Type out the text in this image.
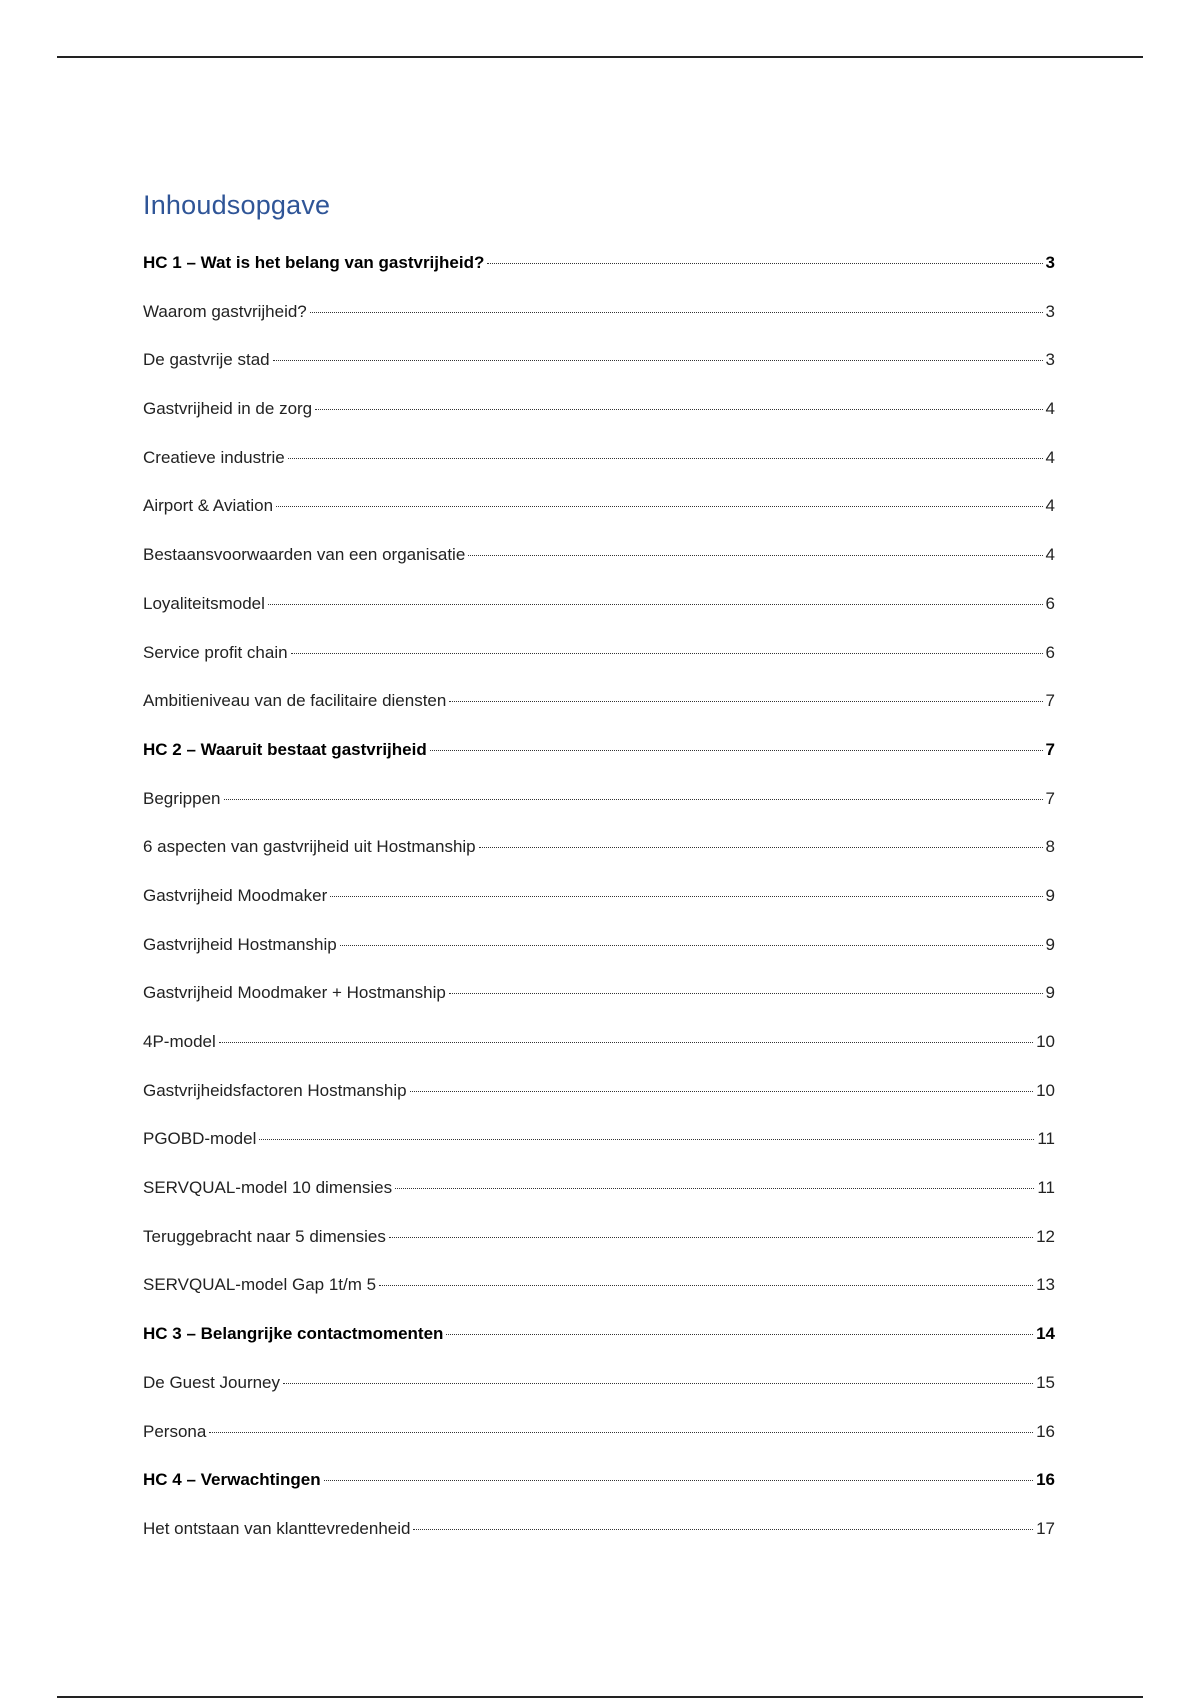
Inhoudsopgave
HC 1 – Wat is het belang van gastvrijheid?	3
Waarom gastvrijheid?	3
De gastvrije stad	3
Gastvrijheid in de zorg	4
Creatieve industrie	4
Airport & Aviation	4
Bestaansvoorwaarden van een organisatie	4
Loyaliteitsmodel	6
Service profit chain	6
Ambitieniveau van de facilitaire diensten	7
HC 2 – Waaruit bestaat gastvrijheid	7
Begrippen	7
6 aspecten van gastvrijheid uit Hostmanship	8
Gastvrijheid Moodmaker	9
Gastvrijheid Hostmanship	9
Gastvrijheid Moodmaker + Hostmanship	9
4P-model	10
Gastvrijheidsfactoren Hostmanship	10
PGOBD-model	11
SERVQUAL-model 10 dimensies	11
Teruggebracht naar 5 dimensies	12
SERVQUAL-model Gap 1t/m 5	13
HC 3 – Belangrijke contactmomenten	14
De Guest Journey	15
Persona	16
HC 4 – Verwachtingen	16
Het ontstaan van klanttevredenheid	17
